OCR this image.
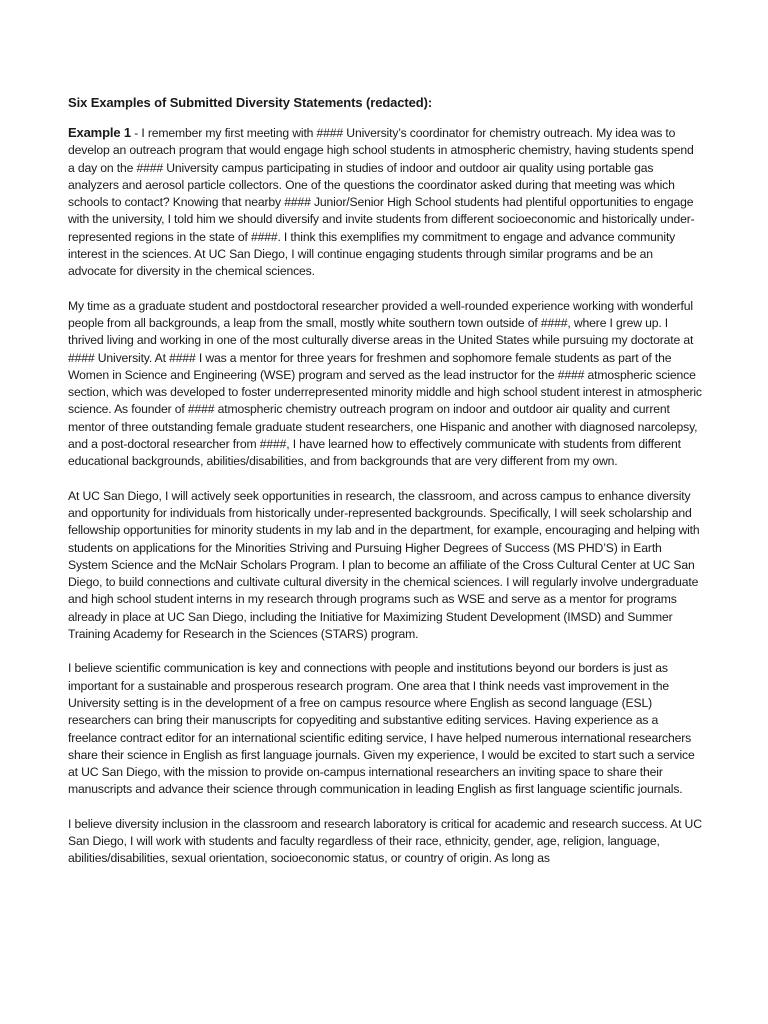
Six Examples of Submitted Diversity Statements (redacted):

Example 1 - I remember my first meeting with #### University’s coordinator for chemistry outreach. My idea was to develop an outreach program that would engage high school students in atmospheric chemistry, having students spend a day on the #### University campus participating in studies of indoor and outdoor air quality using portable gas analyzers and aerosol particle collectors. One of the questions the coordinator asked during that meeting was which schools to contact? Knowing that nearby #### Junior/Senior High School students had plentiful opportunities to engage with the university, I told him we should diversify and invite students from different socioeconomic and historically under-represented regions in the state of ####. I think this exemplifies my commitment to engage and advance community interest in the sciences. At UC San Diego, I will continue engaging students through similar programs and be an advocate for diversity in the chemical sciences.

My time as a graduate student and postdoctoral researcher provided a well-rounded experience working with wonderful people from all backgrounds, a leap from the small, mostly white southern town outside of ####, where I grew up. I thrived living and working in one of the most culturally diverse areas in the United States while pursuing my doctorate at #### University. At #### I was a mentor for three years for freshmen and sophomore female students as part of the Women in Science and Engineering (WSE) program and served as the lead instructor for the #### atmospheric science section, which was developed to foster underrepresented minority middle and high school student interest in atmospheric science. As founder of #### atmospheric chemistry outreach program on indoor and outdoor air quality and current mentor of three outstanding female graduate student researchers, one Hispanic and another with diagnosed narcolepsy, and a post-doctoral researcher from ####, I have learned how to effectively communicate with students from different educational backgrounds, abilities/disabilities, and from backgrounds that are very different from my own.

At UC San Diego, I will actively seek opportunities in research, the classroom, and across campus to enhance diversity and opportunity for individuals from historically under-represented backgrounds. Specifically, I will seek scholarship and fellowship opportunities for minority students in my lab and in the department, for example, encouraging and helping with students on applications for the Minorities Striving and Pursuing Higher Degrees of Success (MS PHD’S) in Earth System Science and the McNair Scholars Program. I plan to become an affiliate of the Cross Cultural Center at UC San Diego, to build connections and cultivate cultural diversity in the chemical sciences. I will regularly involve undergraduate and high school student interns in my research through programs such as WSE and serve as a mentor for programs already in place at UC San Diego, including the Initiative for Maximizing Student Development (IMSD) and Summer Training Academy for Research in the Sciences (STARS) program.

I believe scientific communication is key and connections with people and institutions beyond our borders is just as important for a sustainable and prosperous research program. One area that I think needs vast improvement in the University setting is in the development of a free on campus resource where English as second language (ESL) researchers can bring their manuscripts for copyediting and substantive editing services. Having experience as a freelance contract editor for an international scientific editing service, I have helped numerous international researchers share their science in English as first language journals. Given my experience, I would be excited to start such a service at UC San Diego, with the mission to provide on-campus international researchers an inviting space to share their manuscripts and advance their science through communication in leading English as first language scientific journals.

I believe diversity inclusion in the classroom and research laboratory is critical for academic and research success. At UC San Diego, I will work with students and faculty regardless of their race, ethnicity, gender, age, religion, language, abilities/disabilities, sexual orientation, socioeconomic status, or country of origin. As long as
